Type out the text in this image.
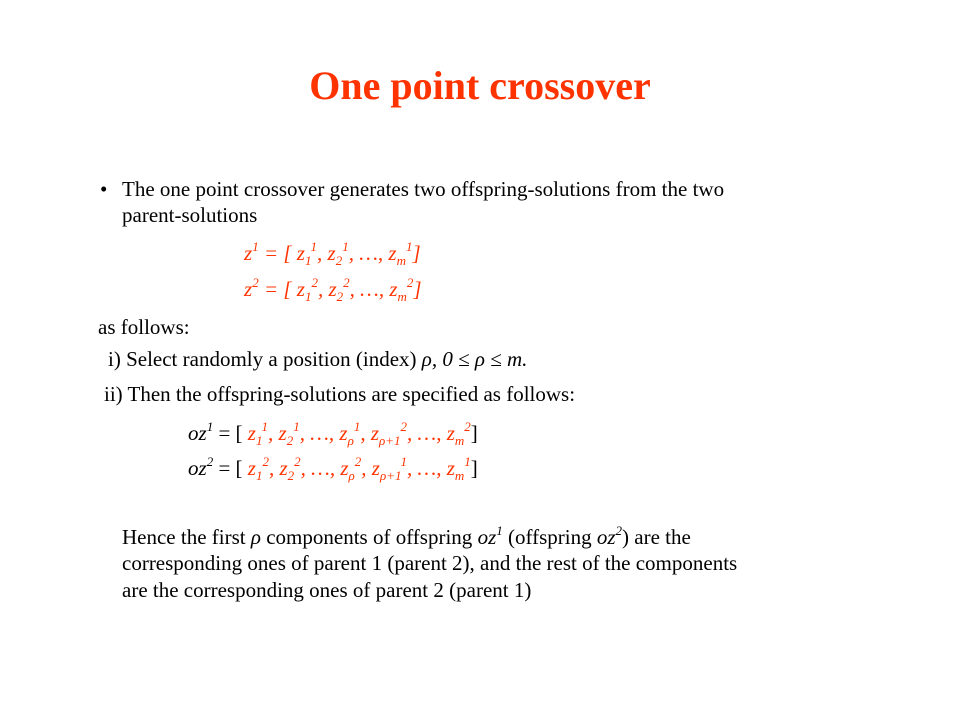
One point crossover
• The one point crossover generates two offspring-solutions from the two
parent-solutions
$z^1$ = [ $z_1^1$, $z_2^1$, …, $z_m^1$]
$z^2$ = [ $z_1^2$, $z_2^2$, …, $z_m^2$]
as follows:
i) Select randomly a position (index) ρ, 0 ≤ ρ ≤ m.
ii) Then the offspring-solutions are specified as follows:
$oz^1$ = [ $z_1^1$, $z_2^1$, …, $z_\rho^1$, $z_{\rho+1}^2$, …, $z_m^2$]
$oz^2$ = [ $z_1^2$, $z_2^2$, …, $z_\rho^2$, $z_{\rho+1}^1$, …, $z_m^1$]
Hence the first ρ components of offspring $oz^1$ (offspring $oz^2$) are the
corresponding ones of parent 1 (parent 2), and the rest of the components
are the corresponding ones of parent 2 (parent 1)
